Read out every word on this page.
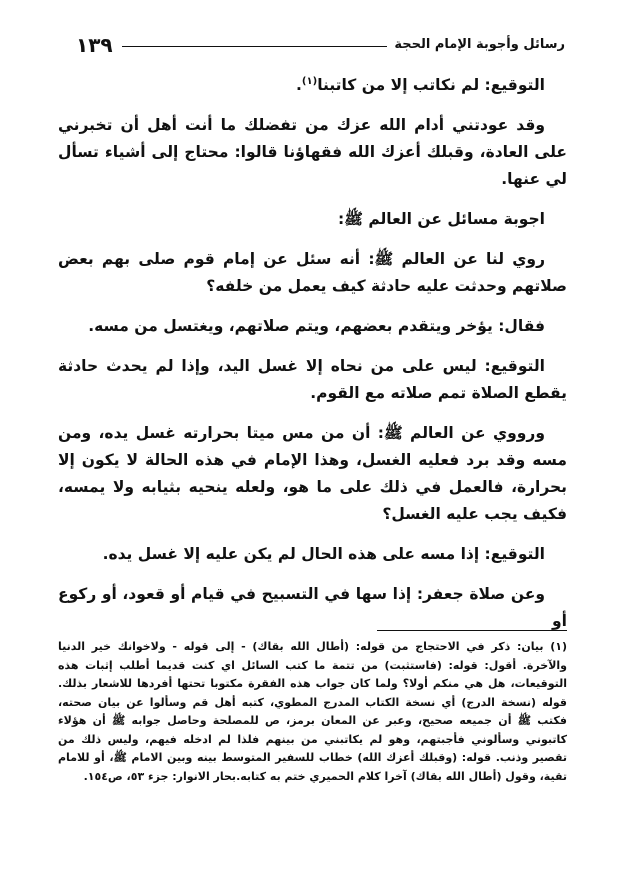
١٣٩	رسائل وأجوبة الإمام الحجة

التوقيع: لم نكاتب إلا من كاتبنا$^{(١)}$.

وقد عودتني أدام الله عزك من تفضلك ما أنت أهل أن تخبرني على العادة، وقبلك أعزك الله فقهاؤنا قالوا: محتاج إلى أشياء تسأل لي عنها.

اجوبة مسائل عن العالم ﷺ:

روي لنا عن العالم ﷺ: أنه سئل عن إمام قوم صلى بهم بعض صلاتهم وحدثت عليه حادثة كيف يعمل من خلفه؟

فقال: يؤخر ويتقدم بعضهم، ويتم صلاتهم، ويغتسل من مسه.

التوقيع: ليس على من نحاه إلا غسل اليد، وإذا لم يحدث حادثة يقطع الصلاة تمم صلاته مع القوم.

ورووي عن العالم ﷺ: أن من مس ميتا بحرارته غسل يده، ومن مسه وقد برد فعليه الغسل، وهذا الإمام في هذه الحالة لا يكون إلا بحرارة، فالعمل في ذلك على ما هو، ولعله ينحيه بثيابه ولا يمسه، فكيف يجب عليه الغسل؟

التوقيع: إذا مسه على هذه الحال لم يكن عليه إلا غسل يده.

وعن صلاة جعفر: إذا سها في التسبيح في قيام أو قعود، أو ركوع أو

(١) بيان: ذكر في الاحتجاج من قوله: (أطال الله بقاك) - إلى قوله - ولاخوانك خير الدنيا والآخرة. أقول: قوله: (فاستثبت) من تتمة ما كتب السائل اي كنت قديما أطلب إثبات هذه التوقيعات، هل هي منكم أولا؟ ولما كان جواب هذه الفقرة مكتوبا تحتها أفردها للاشعار بذلك. قوله (نسخة الدرج) أي نسخة الكتاب المدرج المطوي، كتبه أهل قم وسألوا عن بيان صحته، فكتب ﷺ أن جميعه صحيح، وعبر عن المعان برمز، ص للمصلحة وحاصل جوابه ﷺ أن هؤلاء كاتبوني وسألوني فأجبتهم، وهو لم يكاتبني من بينهم فلذا لم ادخله فيهم، وليس ذلك من تقصير وذنب. قوله: (وقبلك أعزك الله) خطاب للسفير المتوسط بينه وبين الامام ﷺ، أو للامام تقية، وقول (أطال الله بقاك) آخرا كلام الحميري ختم به كتابه.بحار الانوار: جزء ٥٣، ص١٥٤.
